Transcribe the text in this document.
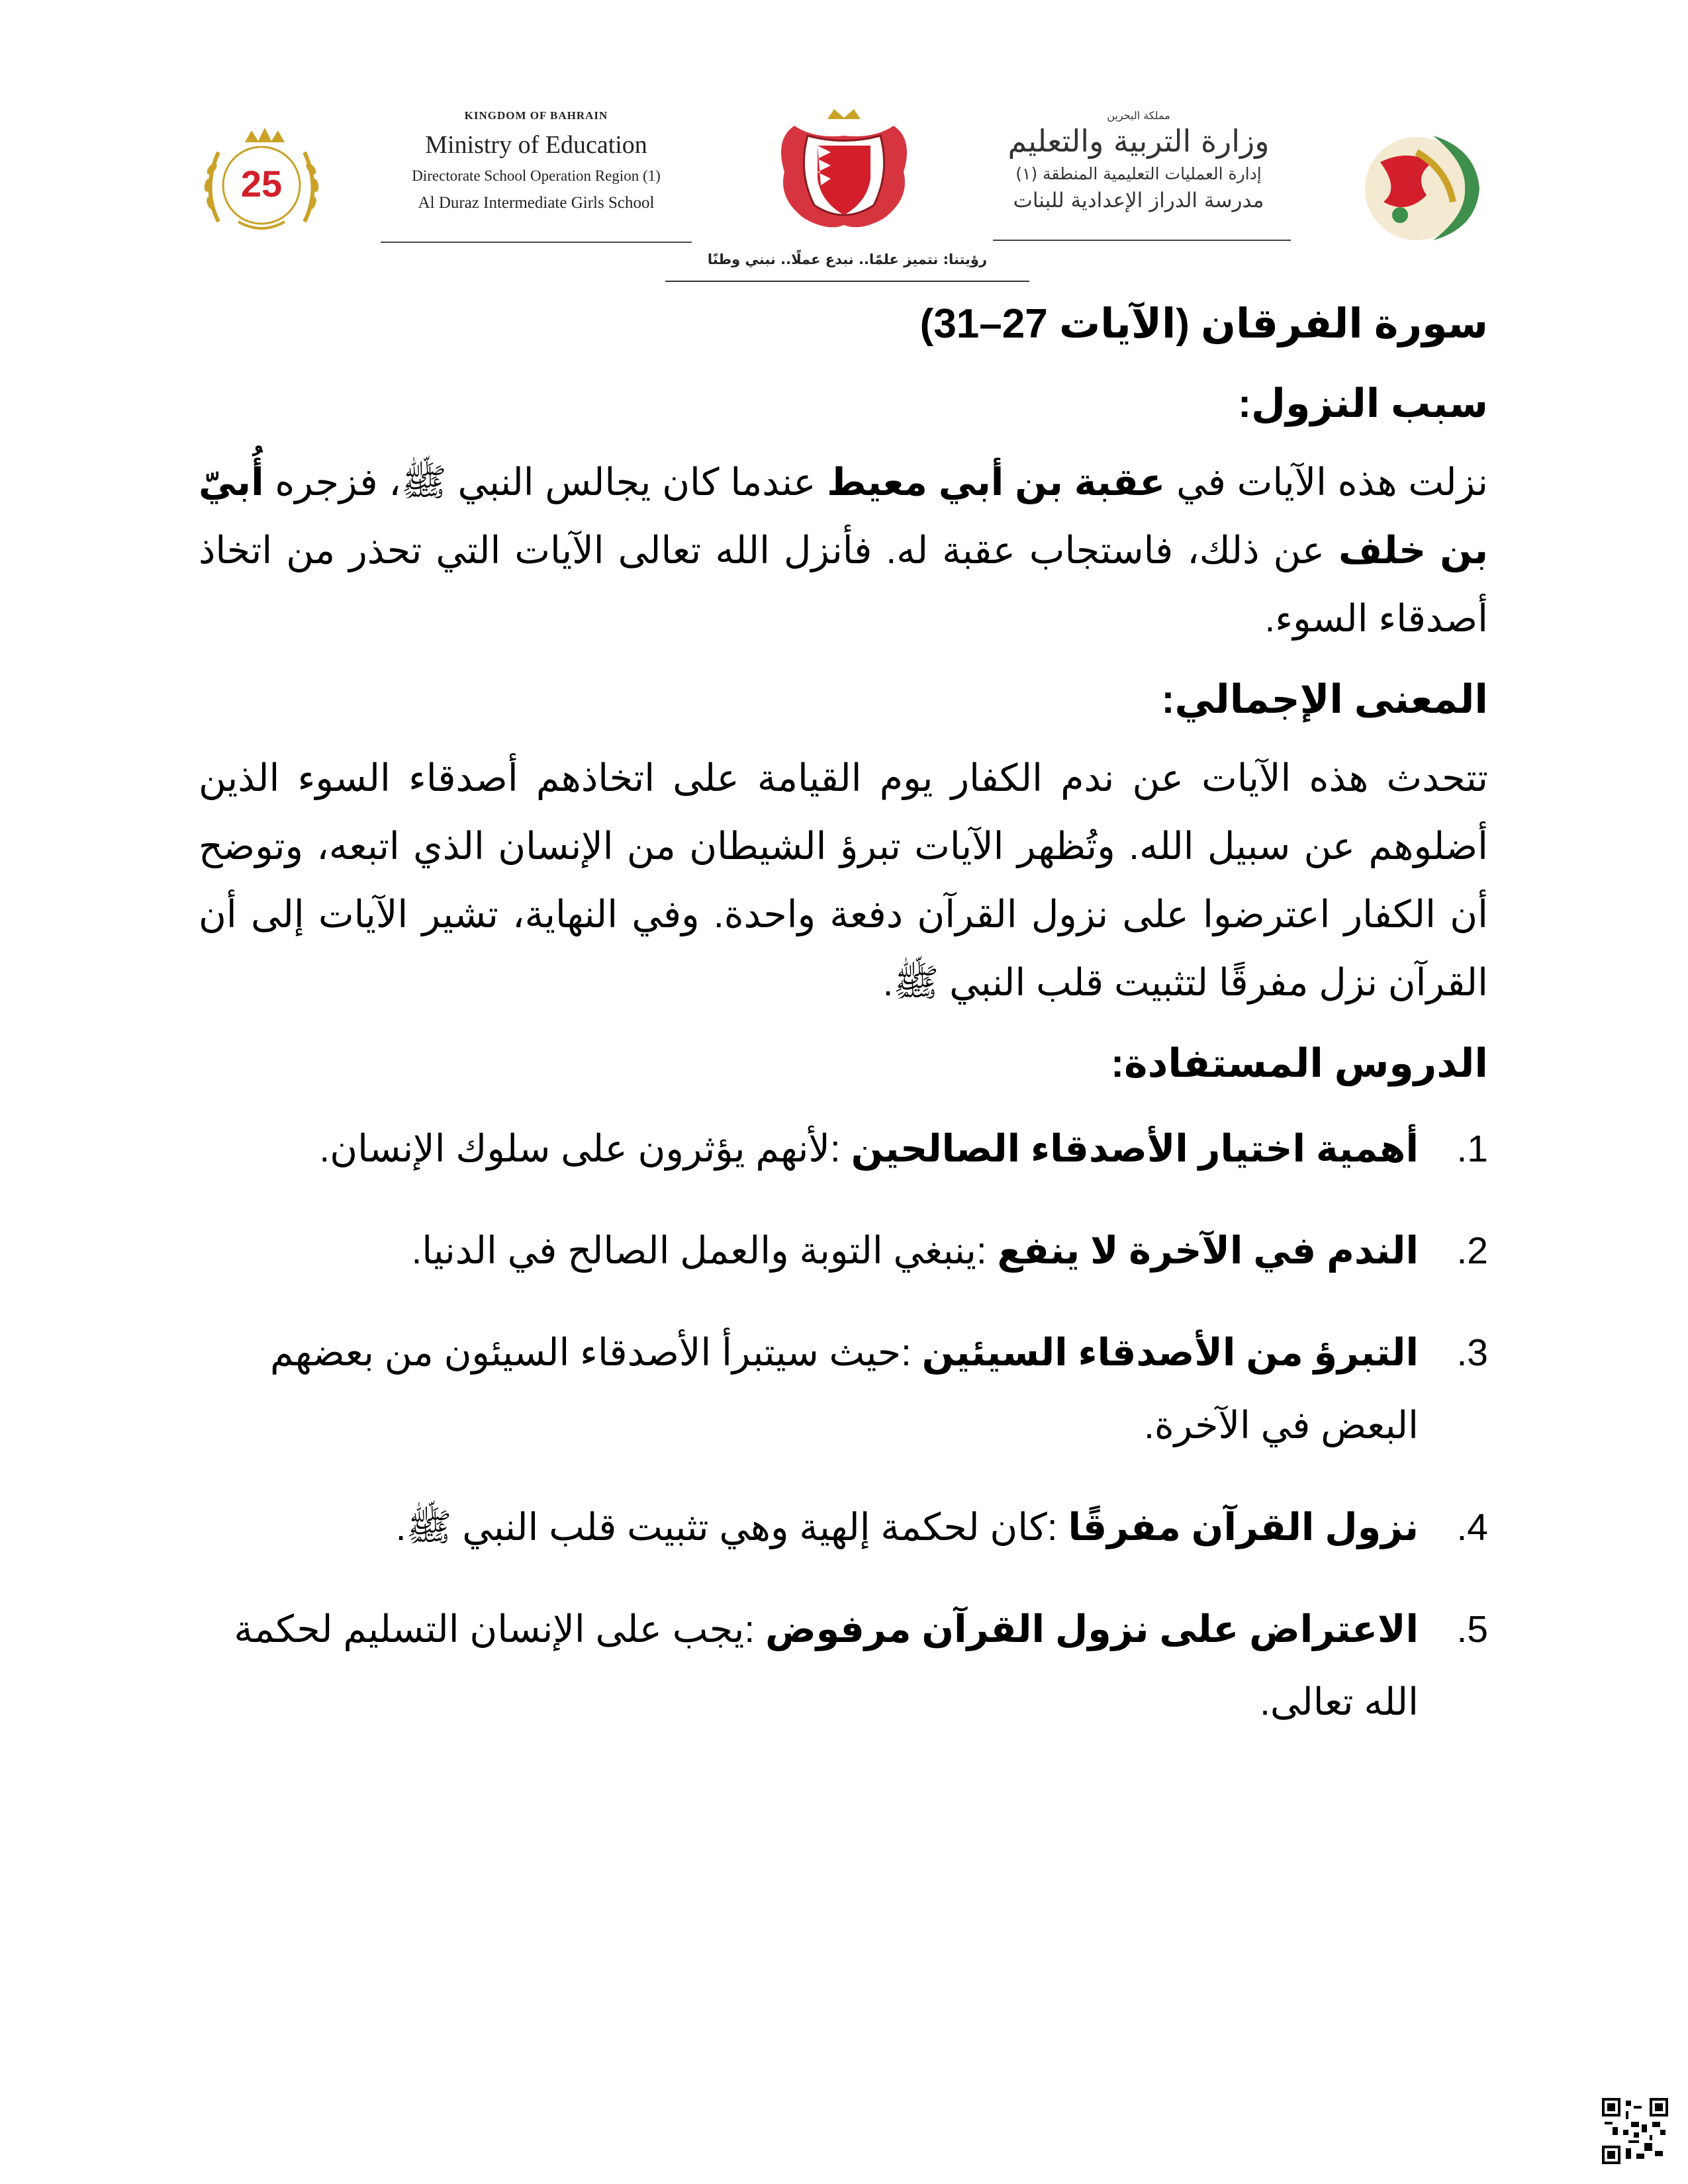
25
KINGDOM OF BAHRAIN
Ministry of Education
Directorate School Operation Region (1)
Al Duraz Intermediate Girls School
مملكة البحرين
وزارة التربية والتعليم
إدارة العمليات التعليمية المنطقة (١)
مدرسة الدراز الإعدادية للبنات
رؤيتنا: نتميز علمًا.. نبدع عملًا.. نبني وطنًا
سورة الفرقان (الآيات 27–31)
سبب النزول:
نزلت هذه الآيات في عقبة بن أبي معيط عندما كان يجالس النبي ﷺ، فزجره أُبيّ بن خلف عن ذلك، فاستجاب عقبة له. فأنزل الله تعالى الآيات التي تحذر من اتخاذ أصدقاء السوء.
المعنى الإجمالي:
تتحدث هذه الآيات عن ندم الكفار يوم القيامة على اتخاذهم أصدقاء السوء الذين أضلوهم عن سبيل الله. وتُظهر الآيات تبرؤ الشيطان من الإنسان الذي اتبعه، وتوضح أن الكفار اعترضوا على نزول القرآن دفعة واحدة. وفي النهاية، تشير الآيات إلى أن القرآن نزل مفرقًا لتثبيت قلب النبي ﷺ.
الدروس المستفادة:
1.
أهمية اختيار الأصدقاء الصالحين :لأنهم يؤثرون على سلوك الإنسان.
2.
الندم في الآخرة لا ينفع :ينبغي التوبة والعمل الصالح في الدنيا.
3.
التبرؤ من الأصدقاء السيئين :حيث سيتبرأ الأصدقاء السيئون من بعضهم البعض في الآخرة.
4.
نزول القرآن مفرقًا :كان لحكمة إلهية وهي تثبيت قلب النبي ﷺ.
5.
الاعتراض على نزول القرآن مرفوض :يجب على الإنسان التسليم لحكمة الله تعالى.
